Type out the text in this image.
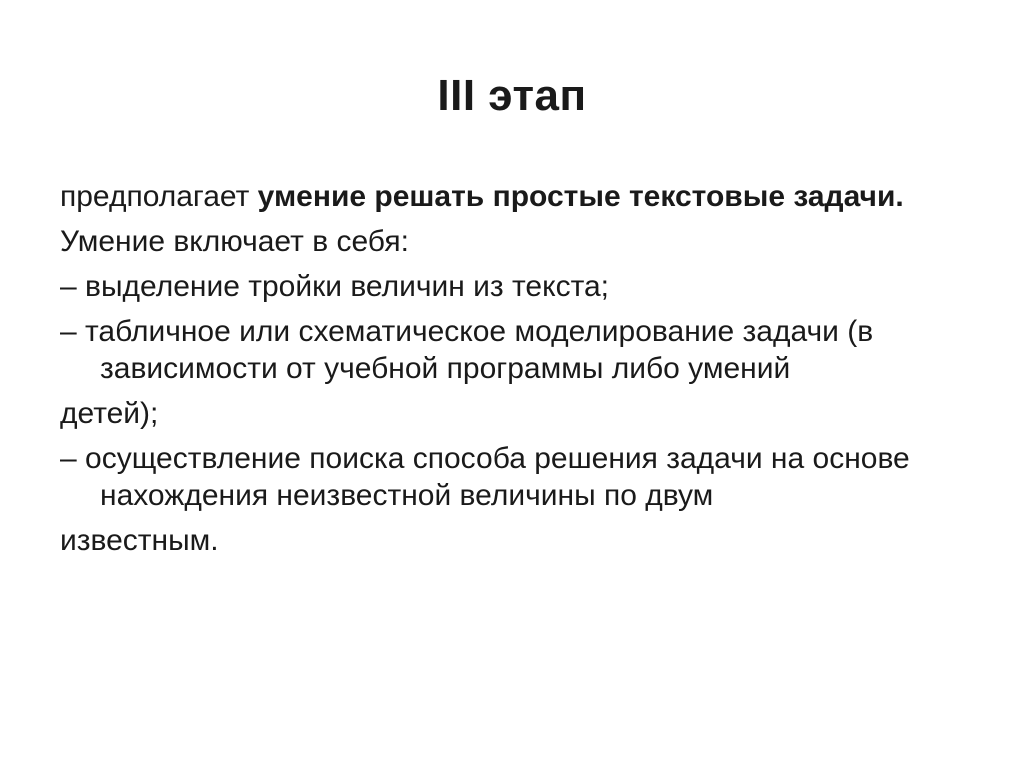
III этап

предполагает умение решать простые текстовые задачи.

Умение включает в себя:

– выделение тройки величин из текста;

– табличное или схематическое моделирование задачи (в зависимости от учебной программы либо умений

детей);

– осуществление поиска способа решения задачи на основе нахождения неизвестной величины по двум

известным.
